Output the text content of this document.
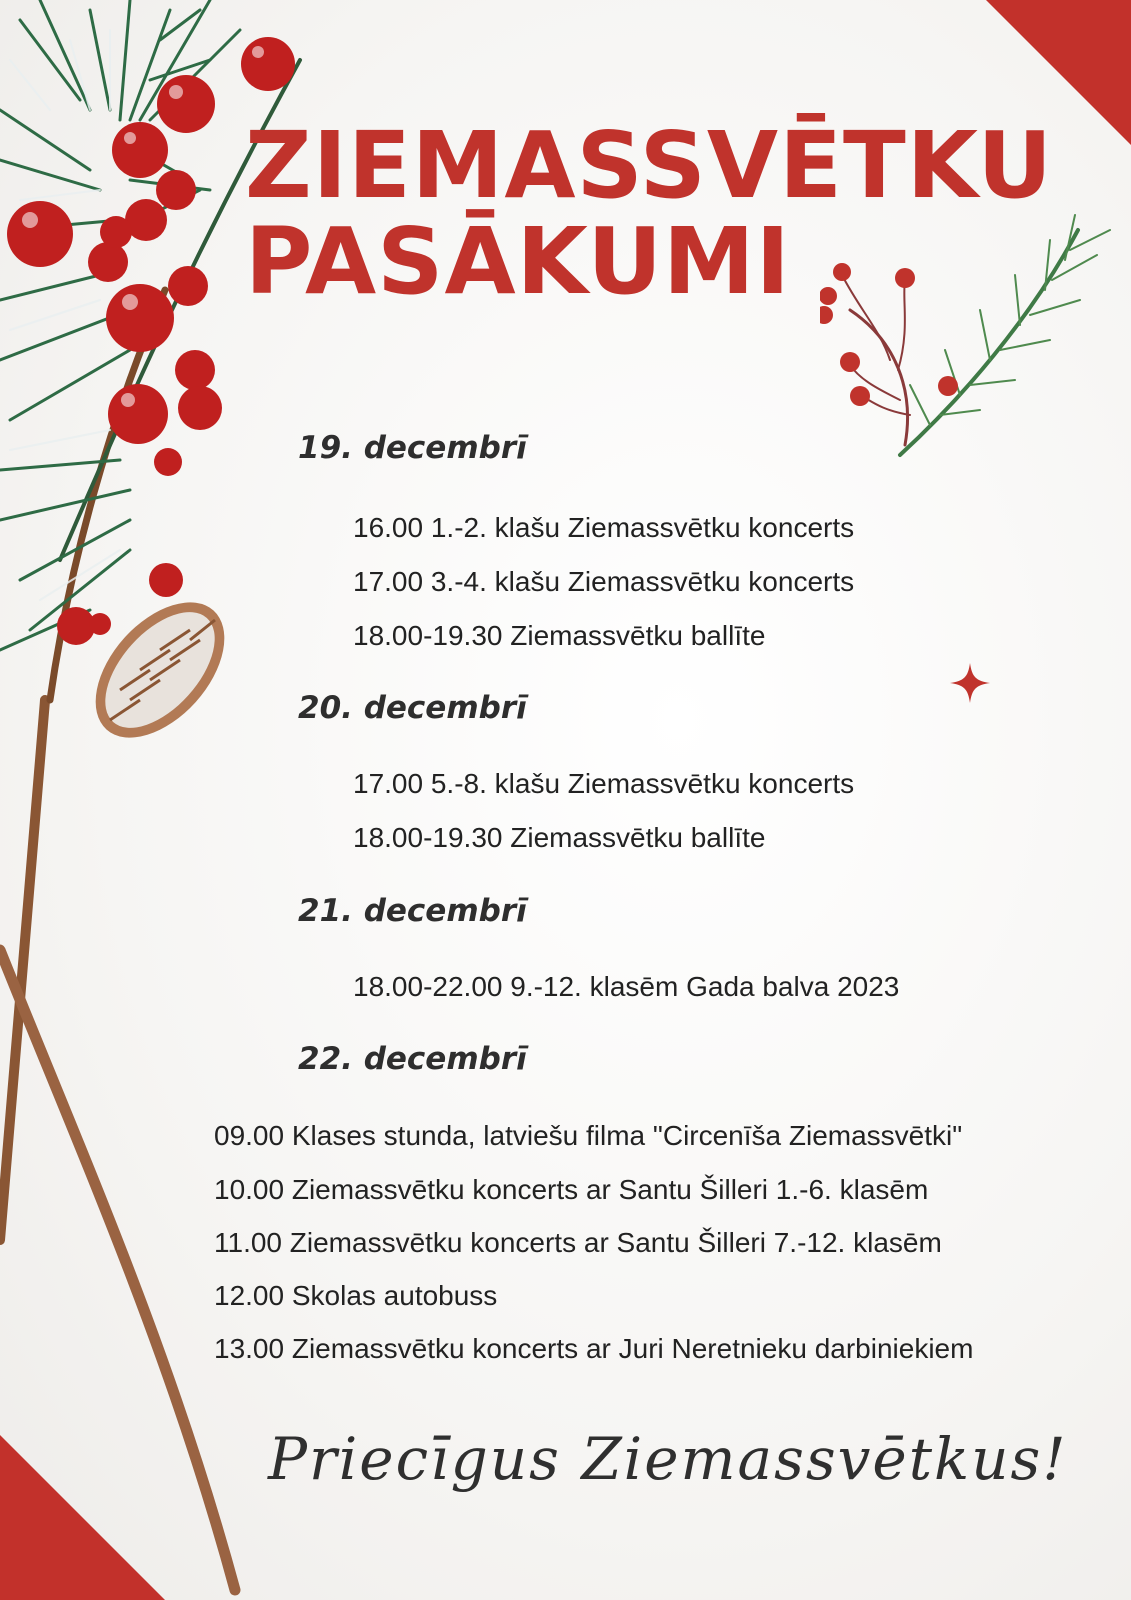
ZIEMASSVĒTKU
PASĀKUMI
19. decembrī

16.00 1.-2. klašu Ziemassvētku koncerts

17.00 3.-4. klašu Ziemassvētku koncerts

18.00-19.30 Ziemassvētku ballīte

20. decembrī

17.00 5.-8. klašu Ziemassvētku koncerts

18.00-19.30 Ziemassvētku ballīte

21. decembrī

18.00-22.00 9.-12. klasēm Gada balva 2023

22. decembrī

09.00 Klases stunda, latviešu filma "Circenīša Ziemassvētki"

10.00 Ziemassvētku koncerts ar Santu Šilleri 1.-6. klasēm

11.00 Ziemassvētku koncerts ar Santu Šilleri 7.-12. klasēm

12.00 Skolas autobuss

13.00 Ziemassvētku koncerts ar Juri Neretnieku darbiniekiem

Priecīgus Ziemassvētkus!
